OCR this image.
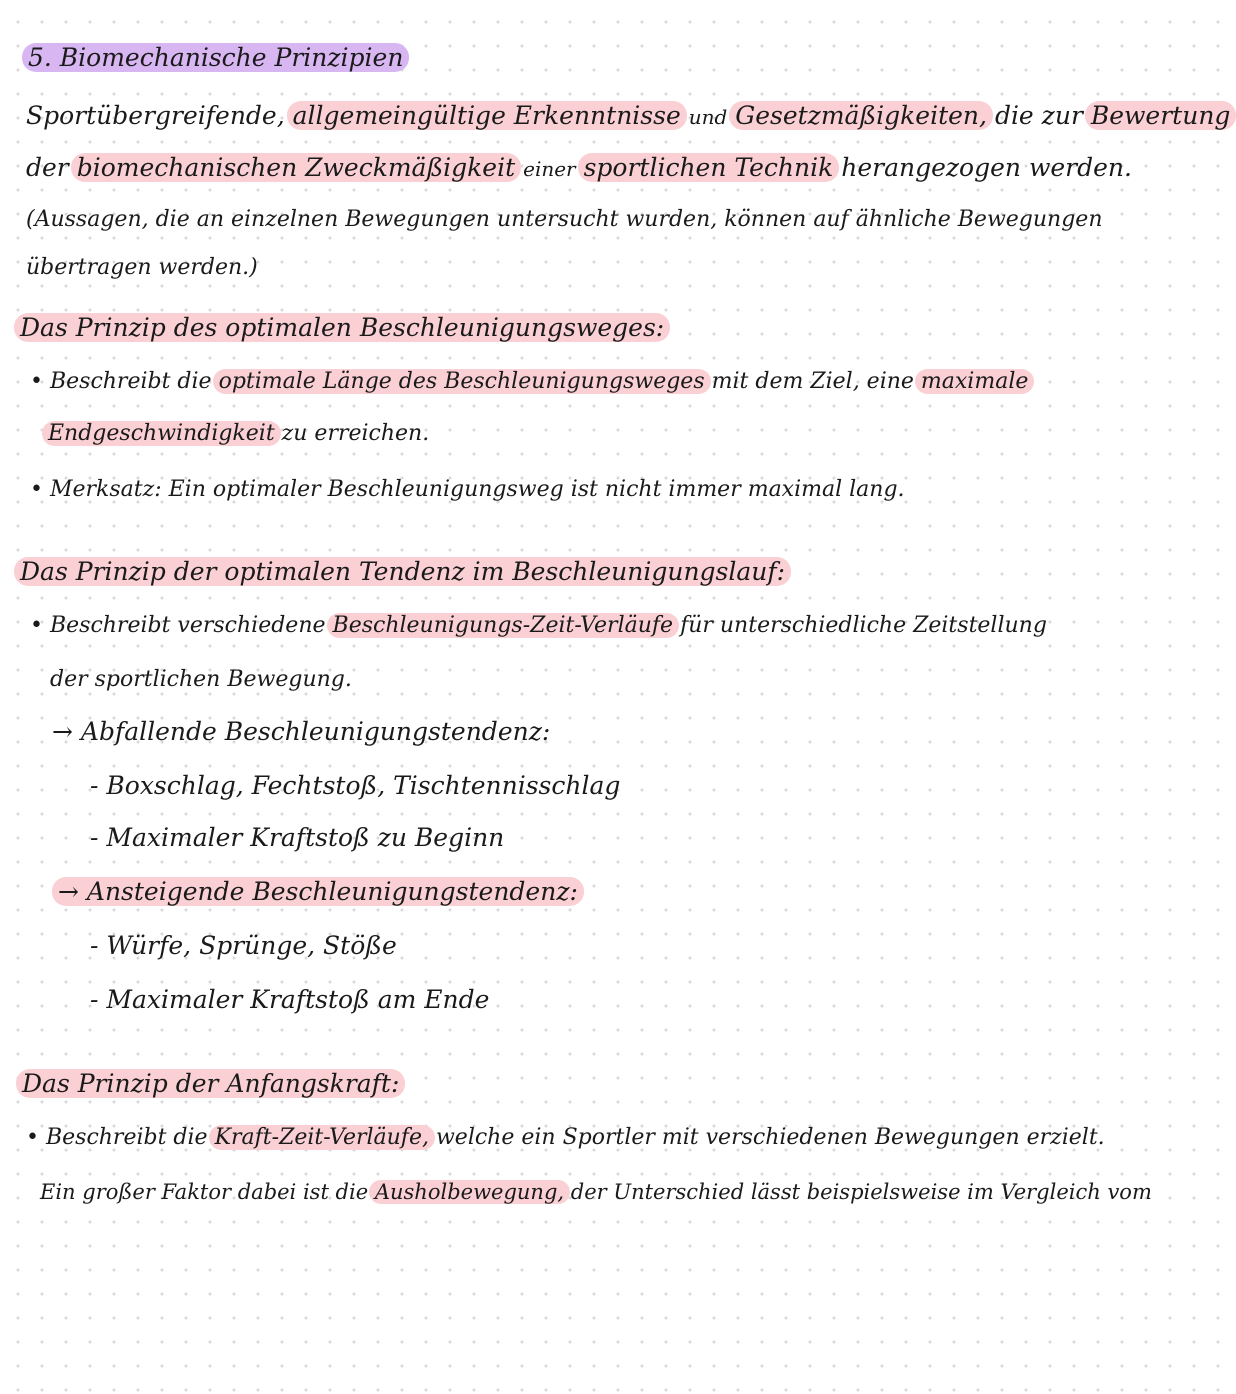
5. Biomechanische Prinzipien
Sportübergreifende, allgemeingültige Erkenntnisse und Gesetzmäßigkeiten, die zur Bewertung
der biomechanischen Zweckmäßigkeit einer sportlichen Technik herangezogen werden.
(Aussagen, die an einzelnen Bewegungen untersucht wurden, können auf ähnliche Bewegungen
übertragen werden.)
Das Prinzip des optimalen Beschleunigungsweges:
• Beschreibt die optimale Länge des Beschleunigungsweges mit dem Ziel, eine maximale
Endgeschwindigkeit zu erreichen.
• Merksatz: Ein optimaler Beschleunigungsweg ist nicht immer maximal lang.
Das Prinzip der optimalen Tendenz im Beschleunigungslauf:
• Beschreibt verschiedene Beschleunigungs-Zeit-Verläufe für unterschiedliche Zeitstellung
der sportlichen Bewegung.
→ Abfallende Beschleunigungstendenz:
- Boxschlag, Fechtstoß, Tischtennisschlag
- Maximaler Kraftstoß zu Beginn
→ Ansteigende Beschleunigungstendenz:
- Würfe, Sprünge, Stöße
- Maximaler Kraftstoß am Ende
Das Prinzip der Anfangskraft:
• Beschreibt die Kraft-Zeit-Verläufe, welche ein Sportler mit verschiedenen Bewegungen erzielt.
Ein großer Faktor dabei ist die Ausholbewegung, der Unterschied lässt beispielsweise im Vergleich vom
